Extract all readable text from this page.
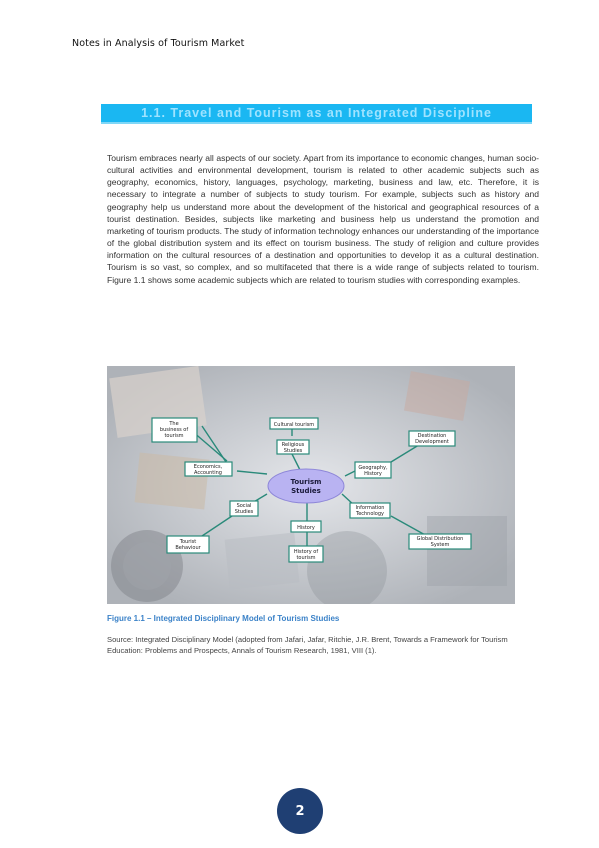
Notes in Analysis of Tourism Market
1.1. Travel and Tourism as an Integrated Discipline

Tourism embraces nearly all aspects of our society. Apart from its importance to economic changes, human socio-cultural activities and environmental development, tourism is related to other academic subjects such as geography, economics, history, languages, psychology, marketing, business and law, etc. Therefore, it is necessary to integrate a number of subjects to study tourism. For example, subjects such as history and geography help us understand more about the development of the historical and geographical resources of a tourist destination. Besides, subjects like marketing and business help us understand the promotion and marketing of tourism products. The study of information technology enhances our understanding of the importance of the global distribution system and its effect on tourism business. The study of religion and culture provides information on the cultural resources of a destination and opportunities to develop it as a cultural destination. Tourism is so vast, so complex, and so multifaceted that there is a wide range of subjects related to tourism. Figure 1.1 shows some academic subjects which are related to tourism studies with corresponding examples.

Tourism
Studies
The
business of
tourism
Cultural tourism
Religious
Studies
Destination
Development
Economics,
Accounting
Geography,
History
Social
Studies
Information
Technology
History
Tourist
Behaviour
History of
tourism
Global Distribution
System
Figure 1.1 – Integrated Disciplinary Model of Tourism Studies

Source: Integrated Disciplinary Model (adopted from Jafari, Jafar, Ritchie, J.R. Brent, Towards a Framework for Tourism Education: Problems and Prospects, Annals of Tourism Research, 1981, VIII (1).

2
